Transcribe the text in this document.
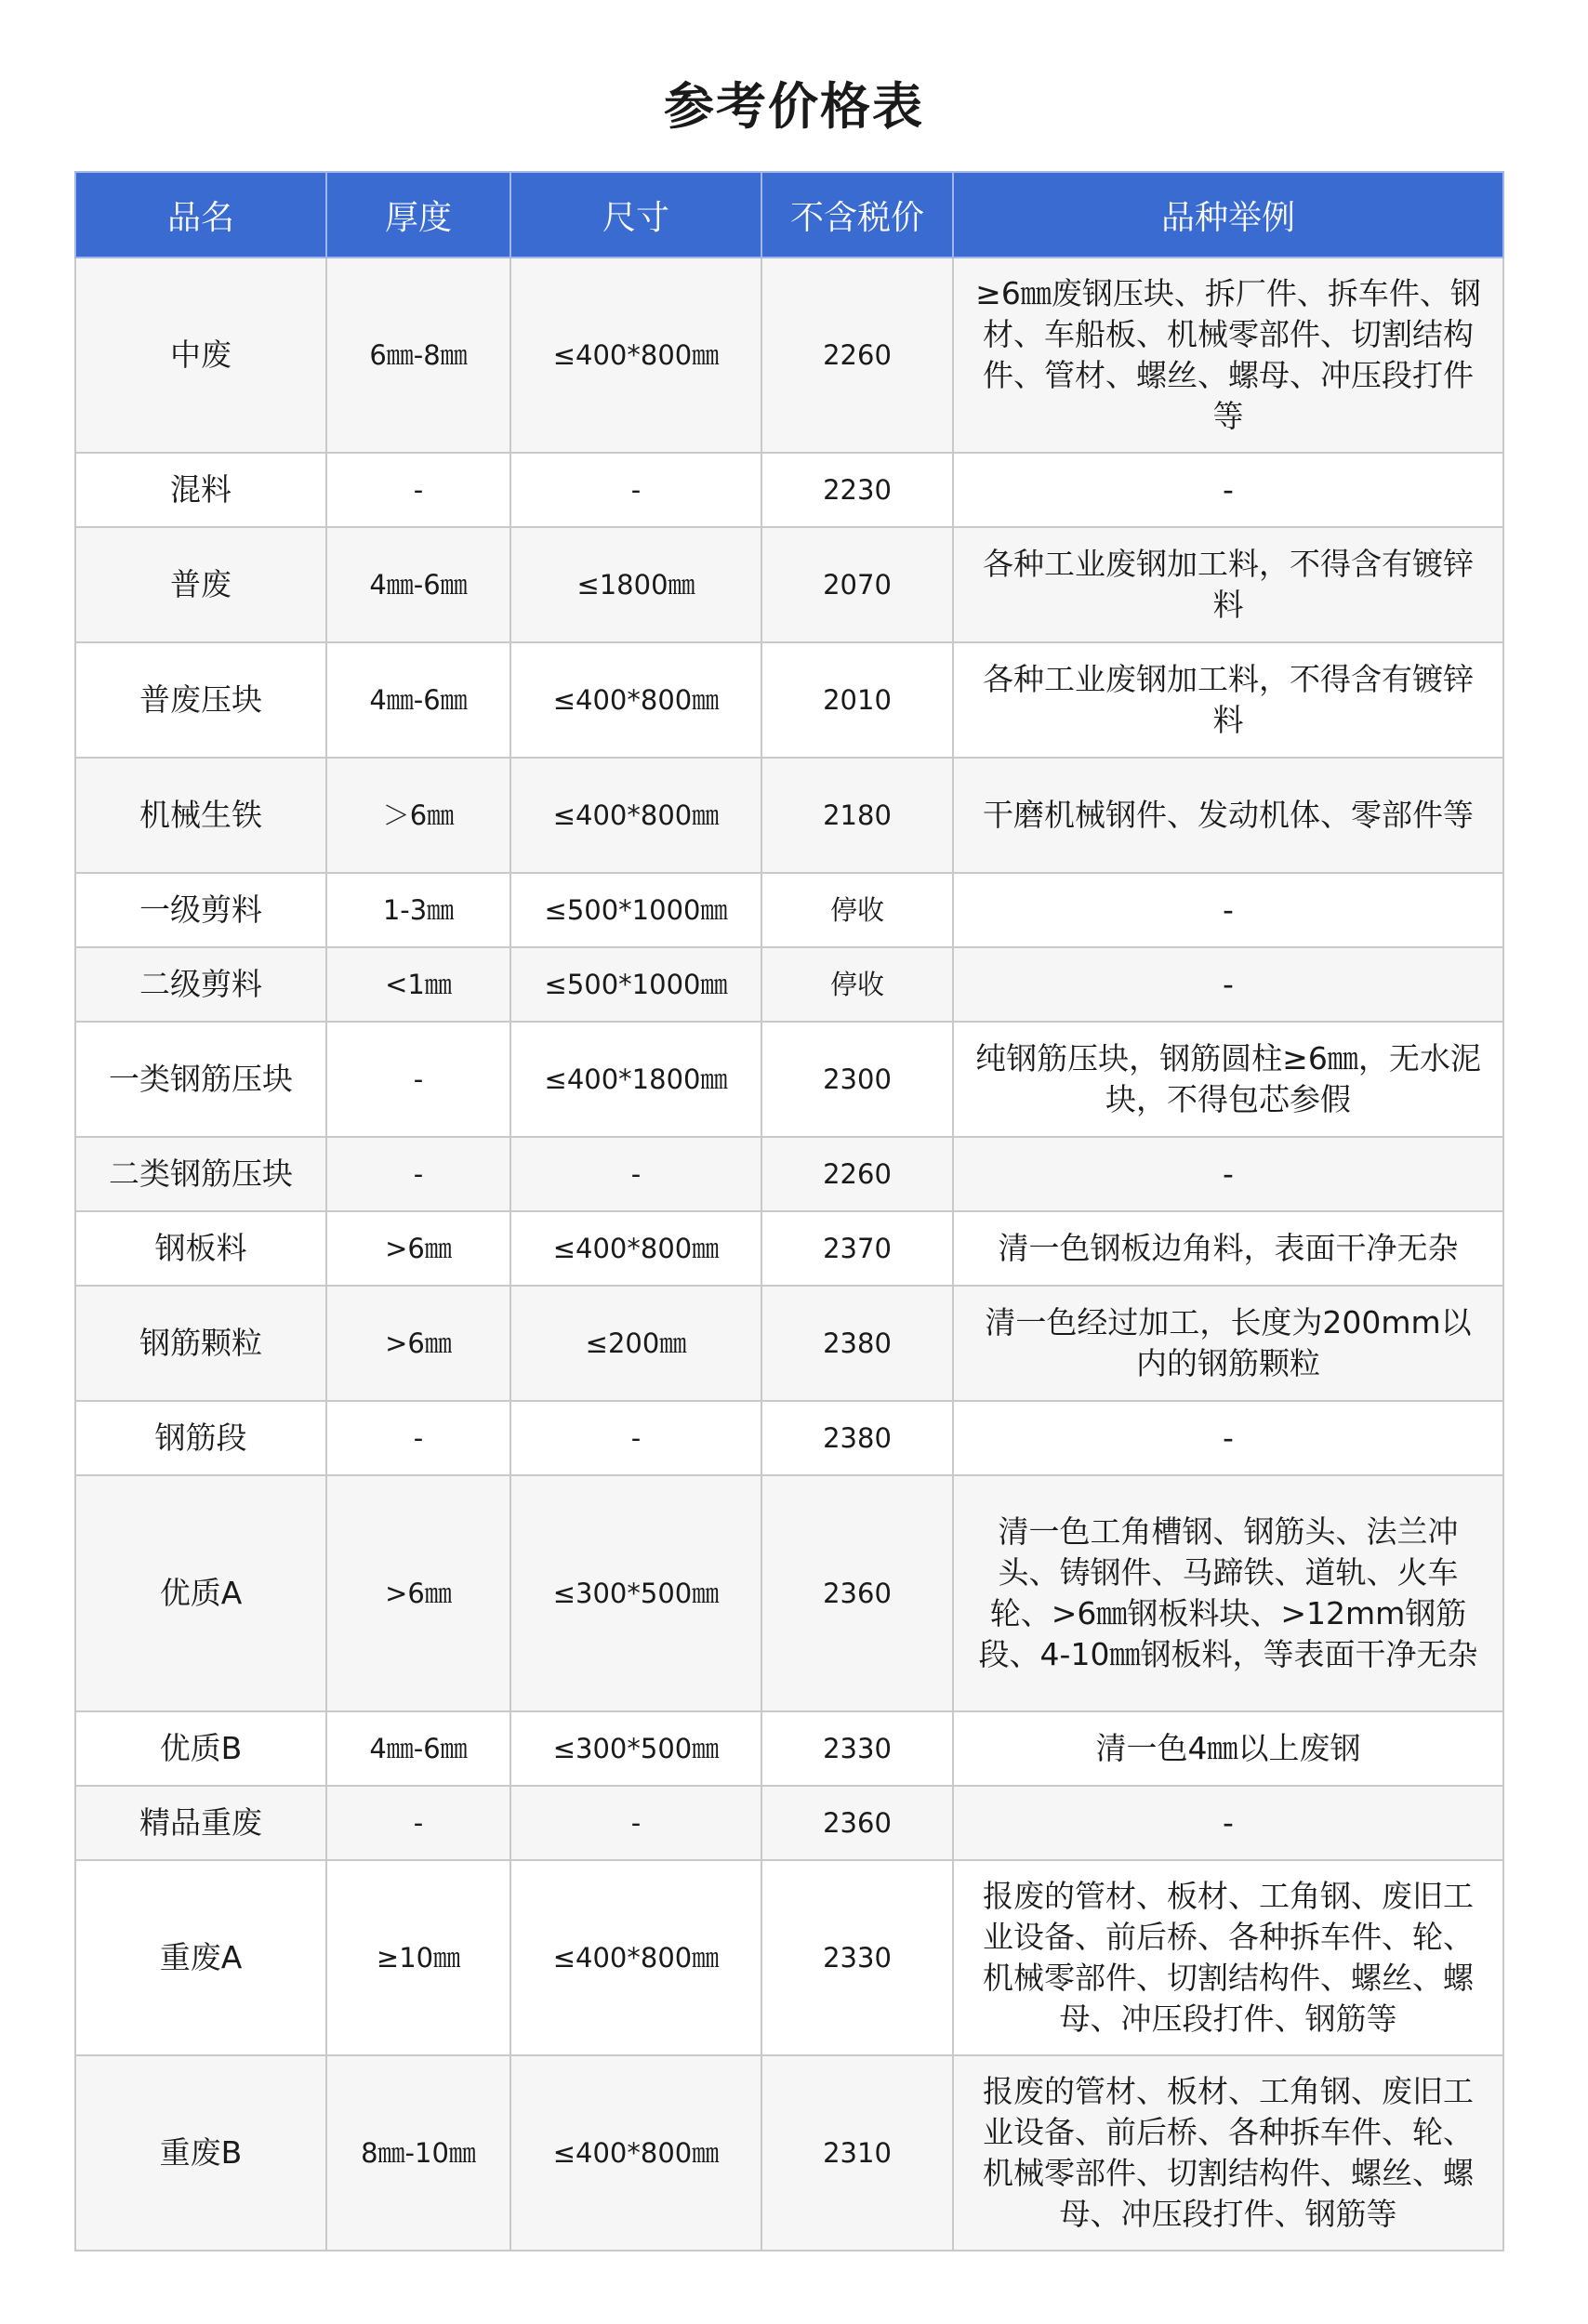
参考价格表
品名	厚度	尺寸	不含税价	品种举例
中废	6㎜-8㎜	≤400*800㎜	2260	≥6㎜废钢压块、拆厂件、拆车件、钢材、车船板、机械零部件、切割结构件、管材、螺丝、螺母、冲压段打件等
混料	-	-	2230	-
普废	4㎜-6㎜	≤1800㎜	2070	各种工业废钢加工料，不得含有镀锌料
普废压块	4㎜-6㎜	≤400*800㎜	2010	各种工业废钢加工料，不得含有镀锌料
机械生铁	＞6㎜	≤400*800㎜	2180	干磨机械钢件、发动机体、零部件等
一级剪料	1-3㎜	≤500*1000㎜	停收	-
二级剪料	<1㎜	≤500*1000㎜	停收	-
一类钢筋压块	-	≤400*1800㎜	2300	纯钢筋压块，钢筋圆柱≥6㎜，无水泥块，不得包芯参假
二类钢筋压块	-	-	2260	-
钢板料	>6㎜	≤400*800㎜	2370	清一色钢板边角料，表面干净无杂
钢筋颗粒	>6㎜	≤200㎜	2380	清一色经过加工，长度为200mm以内的钢筋颗粒
钢筋段	-	-	2380	-
优质A	>6㎜	≤300*500㎜	2360	清一色工角槽钢、钢筋头、法兰冲头、铸钢件、马蹄铁、道轨、火车轮、>6㎜钢板料块、>12mm钢筋段、4-10㎜钢板料，等表面干净无杂
优质B	4㎜-6㎜	≤300*500㎜	2330	清一色4㎜以上废钢
精品重废	-	-	2360	-
重废A	≥10㎜	≤400*800㎜	2330	报废的管材、板材、工角钢、废旧工业设备、前后桥、各种拆车件、轮、机械零部件、切割结构件、螺丝、螺母、冲压段打件、钢筋等
重废B	8㎜-10㎜	≤400*800㎜	2310	报废的管材、板材、工角钢、废旧工业设备、前后桥、各种拆车件、轮、机械零部件、切割结构件、螺丝、螺母、冲压段打件、钢筋等
